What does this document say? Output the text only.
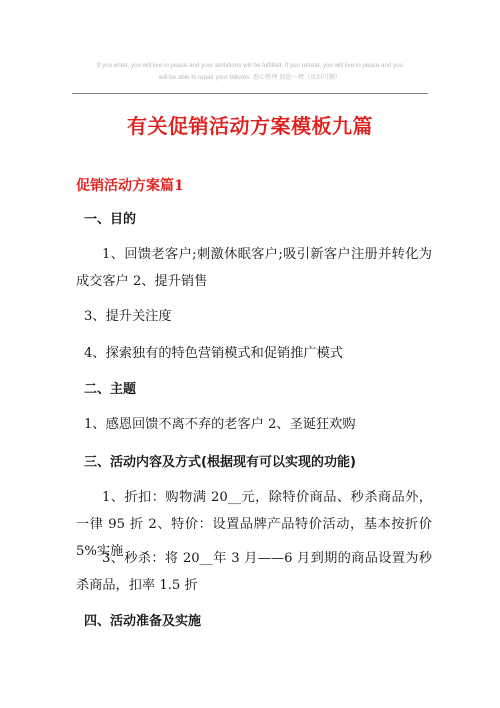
If you enter, you will live in peace and your ambitions will be fulfilled. If you retreat, you will live in peace and you
will be able to repair your failures. 悉心整理 助您一臂（页眉可删）
有关促销活动方案模板九篇
促销活动方案篇1

一、目的

1、回馈老客户;刺激休眠客户;吸引新客户注册并转化为成交客户 2、提升销售

3、提升关注度

4、探索独有的特色营销模式和促销推广模式

二、主题

1、感恩回馈不离不弃的老客户 2、圣诞狂欢购

三、活动内容及方式(根据现有可以实现的功能)

1、折扣：购物满 20__元，除特价商品、秒杀商品外，一律 95 折 2、特价：设置品牌产品特价活动，基本按折价 5%实施

3、秒杀：将 20__年 3 月——6 月到期的商品设置为秒杀商品，扣率 1.5 折

四、活动准备及实施
